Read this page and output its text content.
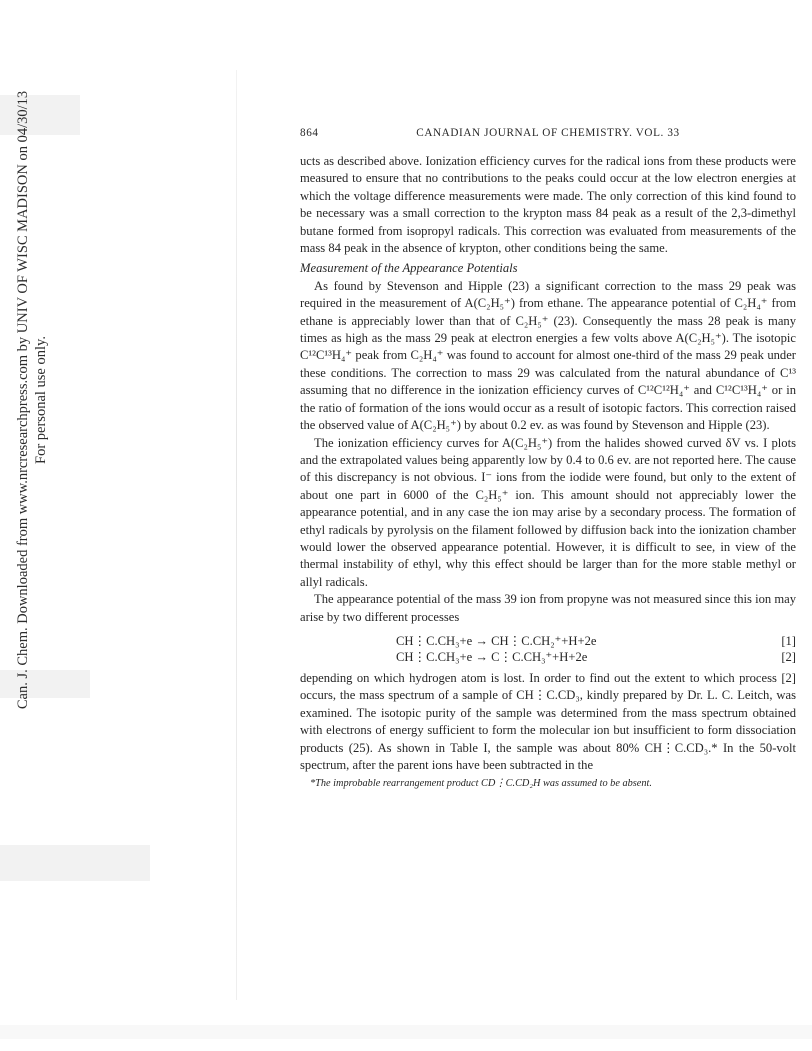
Can. J. Chem. Downloaded from www.nrcresearchpress.com by UNIV OF WISC MADISON on 04/30/13 For personal use only.
864	CANADIAN JOURNAL OF CHEMISTRY. VOL. 33

ucts as described above. Ionization efficiency curves for the radical ions from these products were measured to ensure that no contributions to the peaks could occur at the low electron energies at which the voltage difference measurements were made. The only correction of this kind found to be necessary was a small correction to the krypton mass 84 peak as a result of the 2,3-dimethyl butane formed from isopropyl radicals. This correction was evaluated from measurements of the mass 84 peak in the absence of krypton, other conditions being the same.

Measurement of the Appearance Potentials

As found by Stevenson and Hipple (23) a significant correction to the mass 29 peak was required in the measurement of A(C₂H₅⁺) from ethane. The appearance potential of C₂H₄⁺ from ethane is appreciably lower than that of C₂H₅⁺ (23). Consequently the mass 28 peak is many times as high as the mass 29 peak at electron energies a few volts above A(C₂H₅⁺). The isotopic C¹²C¹³H₄⁺ peak from C₂H₄⁺ was found to account for almost one-third of the mass 29 peak under these conditions. The correction to mass 29 was calculated from the natural abundance of C¹³ assuming that no difference in the ionization efficiency curves of C¹²C¹²H₄⁺ and C¹²C¹³H₄⁺ or in the ratio of formation of the ions would occur as a result of isotopic factors. This correction raised the observed value of A(C₂H₅⁺) by about 0.2 ev. as was found by Stevenson and Hipple (23).

The ionization efficiency curves for A(C₂H₅⁺) from the halides showed curved δV vs. I plots and the extrapolated values being apparently low by 0.4 to 0.6 ev. are not reported here. The cause of this discrepancy is not obvious. I⁻ ions from the iodide were found, but only to the extent of about one part in 6000 of the C₂H₅⁺ ion. This amount should not appreciably lower the appearance potential, and in any case the ion may arise by a secondary process. The formation of ethyl radicals by pyrolysis on the filament followed by diffusion back into the ionization chamber would lower the observed appearance potential. However, it is difficult to see, in view of the thermal instability of ethyl, why this effect should be larger than for the more stable methyl or allyl radicals.

The appearance potential of the mass 39 ion from propyne was not measured since this ion may arise by two different processes

CH⋮C.CH₃+e → CH⋮C.CH₂⁺+H+2e	[1]
CH⋮C.CH₃+e → C⋮C.CH₃⁺+H+2e	[2]

depending on which hydrogen atom is lost. In order to find out the extent to which process [2] occurs, the mass spectrum of a sample of CH⋮C.CD₃, kindly prepared by Dr. L. C. Leitch, was examined. The isotopic purity of the sample was determined from the mass spectrum obtained with electrons of energy sufficient to form the molecular ion but insufficient to form dissociation products (25). As shown in Table I, the sample was about 80% CH⋮C.CD₃.* In the 50-volt spectrum, after the parent ions have been subtracted in the

*The improbable rearrangement product CD⋮C.CD₂H was assumed to be absent.
